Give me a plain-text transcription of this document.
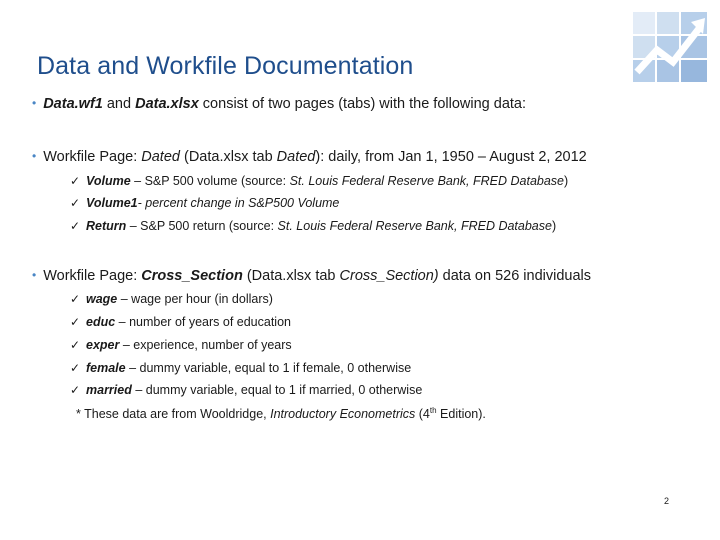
Data and Workfile Documentation
• Data.wf1 and Data.xlsx consist of two pages (tabs) with the following data:
• Workfile Page: Dated (Data.xlsx tab Dated): daily, from Jan 1, 1950 – August 2, 2012
✓ Volume – S&P 500 volume (source: St. Louis Federal Reserve Bank, FRED Database)
✓ Volume1- percent change in S&P500 Volume
✓ Return – S&P 500 return (source: St. Louis Federal Reserve Bank, FRED Database)
• Workfile Page: Cross_Section (Data.xlsx tab Cross_Section) data on 526 individuals
✓ wage – wage per hour (in dollars)
✓ educ – number of years of education
✓ exper – experience, number of years
✓ female – dummy variable, equal to 1 if female, 0 otherwise
✓ married – dummy variable, equal to 1 if married, 0 otherwise
* These data are from Wooldridge, Introductory Econometrics (4th Edition).
2
